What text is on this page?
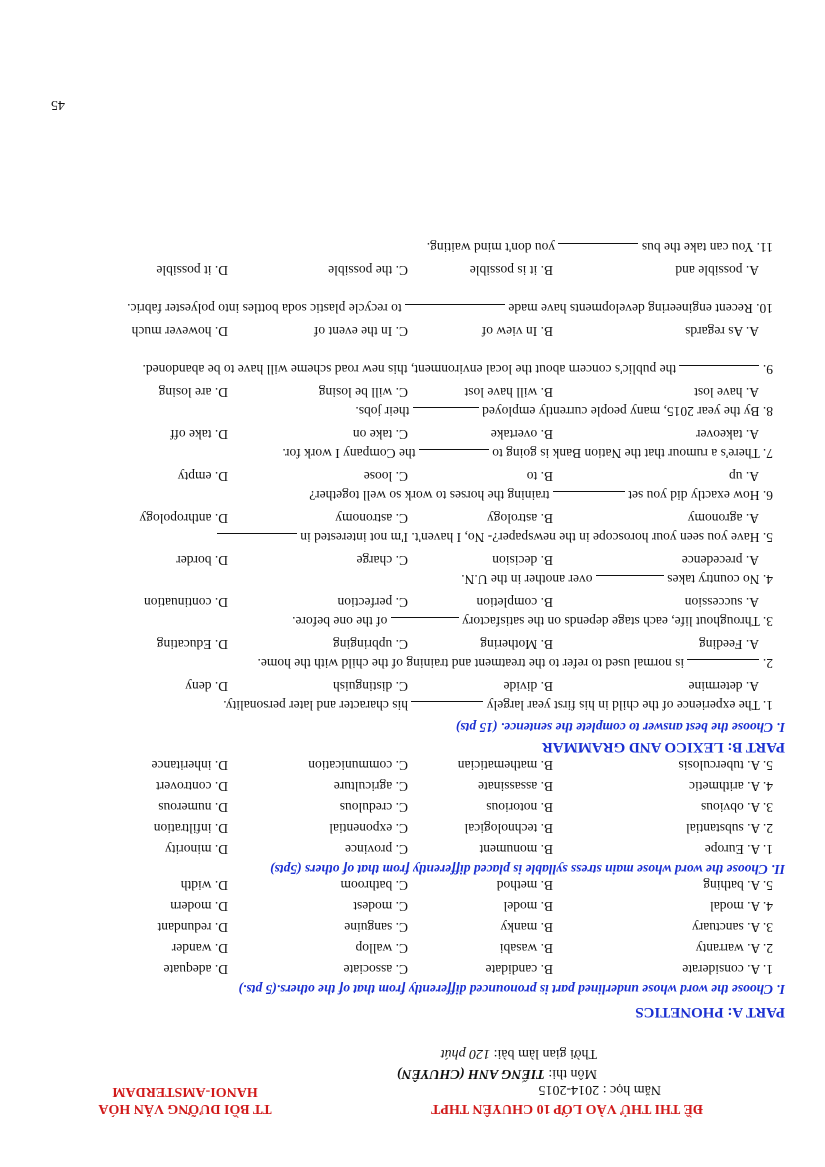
ĐỀ THI THỬ VÀO LỚP 10 CHUYÊN THPT
Năm học : 2014-2015
TT BỒI DƯỠNG VĂN HÓA
HANOI-AMSTERDAM
Môn thi: TIẾNG ANH (CHUYÊN)
Thời gian làm bài: 120 phút
PART A: PHONETICS
I. Choose the word whose underlined part is pronounced differently from that of the others.(5 pts.)
II. Choose the word whose main stress syllable is placed differently from that of others (5pts)
PART B: LEXICO AND GRAMMAR
I. Choose the best answer to complete the sentence. (15 pts)
45
1. A. considerate
B. candidate
C. associate
D. adequate
2. A. warranty
B. wasabi
C. wallop
D. wander
3. A. sanctuary
B. manky
C. sanguine
D. redundant
4. A. modal
B. model
C. modest
D. modern
5. A. bathing
B. method
C. bathroom
D. width
1. A. Europe
B. monument
C. province
D. minority
2. A. substantial
B. technological
C. exponential
D. infiltration
3. A. obvious
B. notorious
C. credulous
D. numerous
4. A. arithmetic
B. assassinate
C. agriculture
D. controvert
5. A. tuberculosis
B. mathematician
C. communication
D. inheritance
1. The experience of the child in his first year largely  his character and later personality.
A. determine
B. divide
C. distinguish
D. deny
2.  is normal used to refer to the treatment and training of the child with the home.
A. Feeding
B. Mothering
C. upbringing
D. Educating
3. Throughout life, each stage depends on the satisfactory  of the one before.
A. succession
B. completion
C. perfection
D. continuation
4. No country takes  over another in the U.N.
A. precedence
B. decision
C. charge
D. border
5. Have you seen your horoscope in the newspaper?- No, I haven't. I'm not interested in
A. agronomy
B. astrology
C. astronomy
D. anthropology
6. How exactly did you set  training the horses to work so well together?
A. up
B. to
C. loose
D. empty
7. There's a rumour that the Nation Bank is going to  the Company I work for.
A. takeover
B. overtake
C. take on
D. take off
8. By the year 2015, many people currently employed  their jobs.
A. have lost
B. will have lost
C. will be losing
D. are losing
9.  the public's concern about the local environment, this new road scheme will have to be abandoned.
A. As regards
B. In view of
C. In the event of
D. however much
10. Recent engineering developments have made  to recycle plastic soda bottles into polyester fabric.
A. possible and
B. it is possible
C. the possible
D. it possible
11. You can take the bus  you don't mind waiting.
